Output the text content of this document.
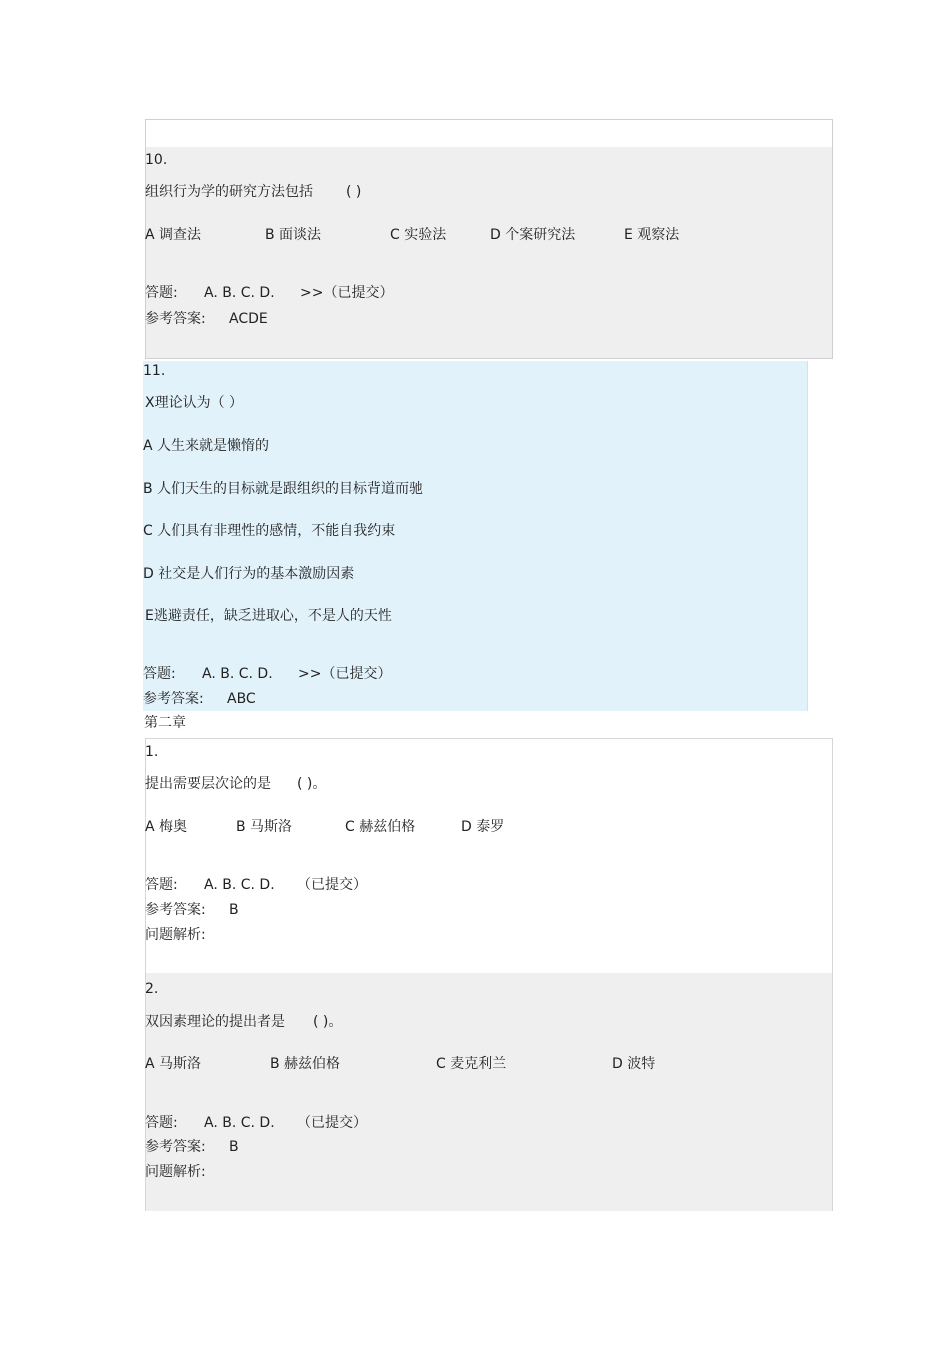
10.
组织行为学的研究方法包括 ( )
A 调查法	B 面谈法	C 实验法	D 个案研究法	E 观察法
答题: A. B. C. D. >>（已提交）
参考答案: ACDE
11.
X理论认为（ ）
A 人生来就是懒惰的
B 人们天生的目标就是跟组织的目标背道而驰
C 人们具有非理性的感情，不能自我约束
D 社交是人们行为的基本激励因素
E逃避责任，缺乏进取心，不是人的天性
答题: A. B. C. D. >>（已提交）
参考答案: ABC
第二章
1.
提出需要层次论的是 ( )。
A 梅奥	B 马斯洛	C 赫兹伯格	D 泰罗
答题: A. B. C. D. （已提交）
参考答案: B
问题解析:
2.
双因素理论的提出者是 ( )。
A 马斯洛	B 赫兹伯格	C 麦克利兰	D 波特
答题: A. B. C. D. （已提交）
参考答案: B
问题解析:
